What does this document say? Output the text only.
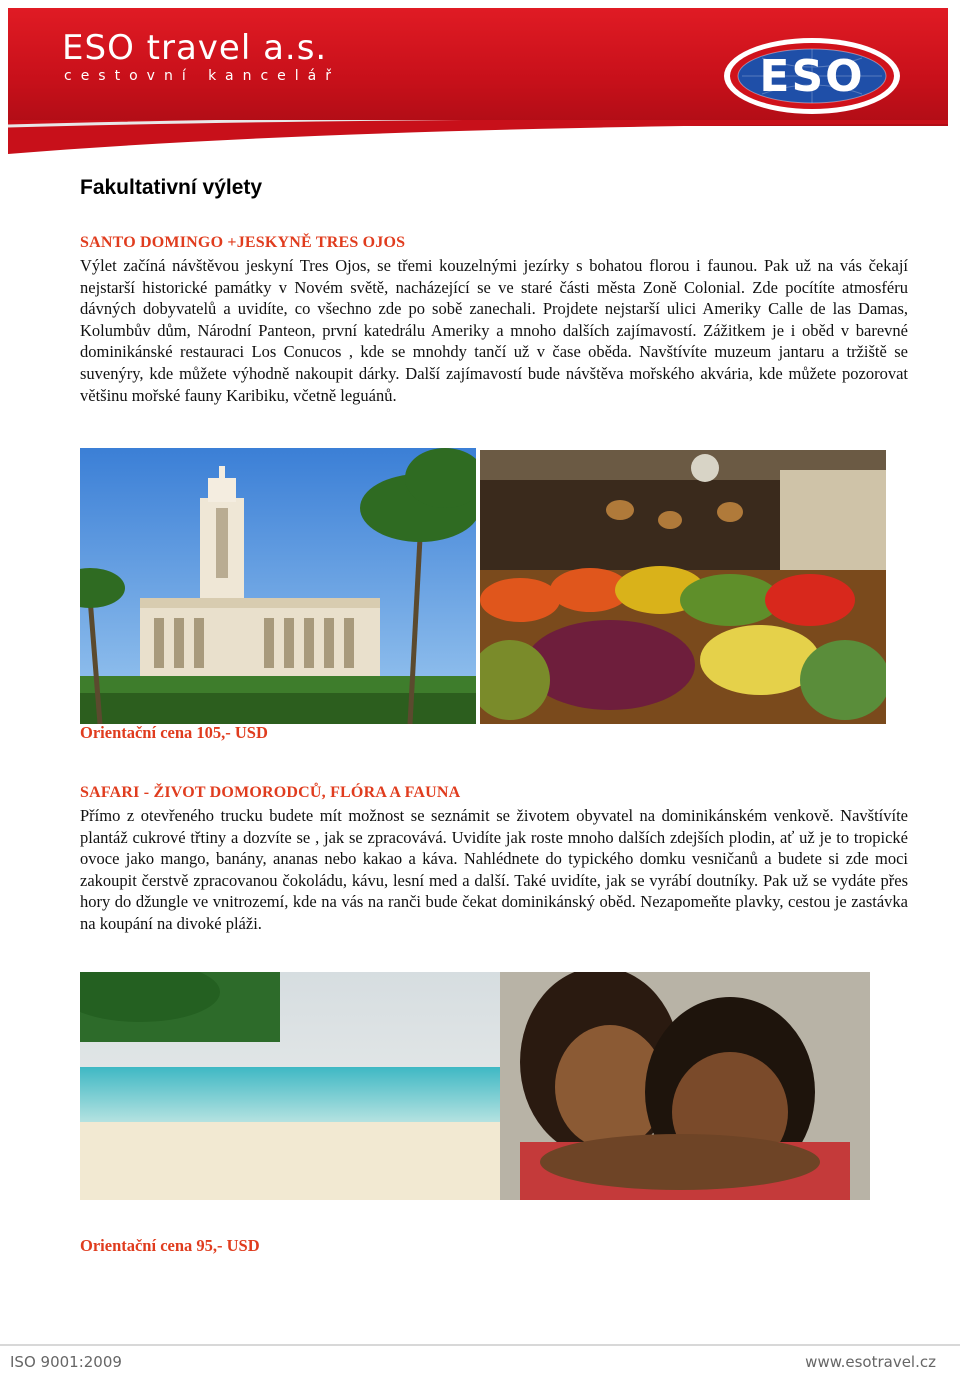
ESO travel a.s.
cestovní kancelář	ESO
Fakultativní výlety
SANTO DOMINGO +JESKYNĚ TRES OJOS
Výlet začíná návštěvou jeskyní Tres Ojos, se třemi kouzelnými jezírky s bohatou florou i faunou. Pak už na vás čekají nejstarší historické památky v Novém světě, nacházející se ve staré části města Zoně Colonial. Zde pocítíte atmosféru dávných dobyvatelů a uvidíte, co všechno zde po sobě zanechali. Projdete nejstarší ulici Ameriky Calle de las Damas, Kolumbův dům, Národní Panteon, první katedrálu Ameriky a mnoho dalších zajímavostí. Zážitkem je i oběd v barevné dominikánské restauraci Los Conucos , kde se mnohdy tančí už v čase oběda. Navštívíte muzeum jantaru a tržiště se suvenýry, kde můžete výhodně nakoupit dárky. Další zajímavostí bude návštěva mořského akvária, kde můžete pozorovat většinu mořské fauny Karibiku, včetně leguánů.
Orientační cena 105,- USD
SAFARI - ŽIVOT DOMORODCŮ, FLÓRA A FAUNA
Přímo z otevřeného trucku budete mít možnost se seznámit se životem obyvatel na dominikánském venkově. Navštívíte plantáž cukrové třtiny a dozvíte se , jak se zpracovává. Uvidíte jak roste mnoho dalších zdejších plodin, ať už je to tropické ovoce jako mango, banány, ananas nebo kakao a káva. Nahlédnete do typického domku vesničanů a budete si zde moci zakoupit čerstvě zpracovanou čokoládu, kávu, lesní med a další. Také uvidíte, jak se vyrábí doutníky. Pak už se vydáte přes hory do džungle ve vnitrozemí, kde na vás na ranči bude čekat dominikánský oběd. Nezapomeňte plavky, cestou je zastávka na koupání na divoké pláži.
Orientační cena 95,- USD
ISO 9001:2009	www.esotravel.cz
